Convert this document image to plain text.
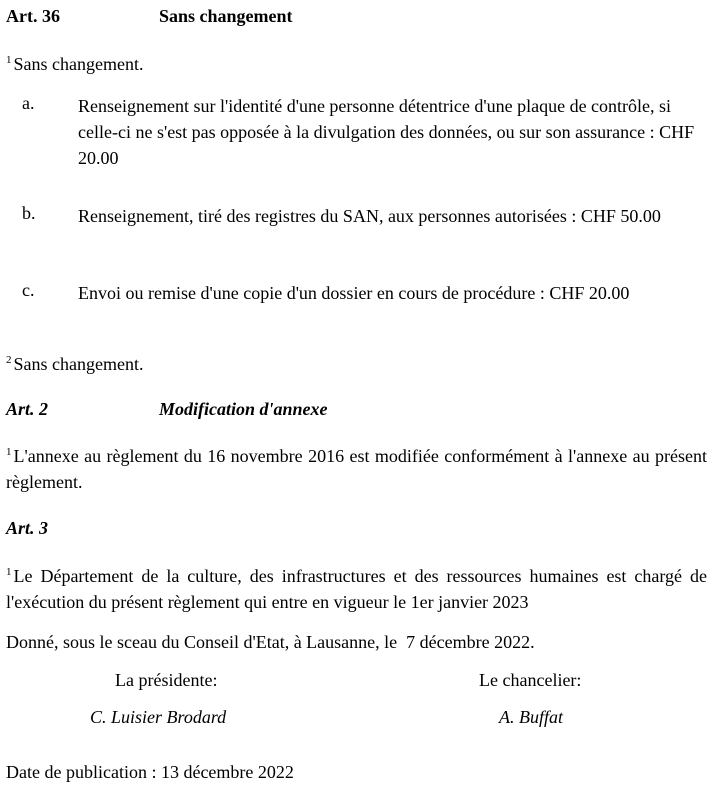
Art. 36	Sans changement
$^1$ Sans changement.
a. Renseignement sur l'identité d'une personne détentrice d'une plaque de contrôle, si celle-ci ne s'est pas opposée à la divulgation des données, ou sur son assurance : CHF 20.00
b. Renseignement, tiré des registres du SAN, aux personnes autorisées : CHF 50.00
c. Envoi ou remise d'une copie d'un dossier en cours de procédure : CHF 20.00
$^2$ Sans changement.
Art. 2	Modification d'annexe
$^1$ L'annexe au règlement du 16 novembre 2016 est modifiée conformément à l'annexe au présent règlement.
Art. 3
$^1$ Le Département de la culture, des infrastructures et des ressources humaines est chargé de l'exécution du présent règlement qui entre en vigueur le 1er janvier 2023
Donné, sous le sceau du Conseil d'Etat, à Lausanne, le  7 décembre 2022.
La présidente:	Le chancelier:
C. Luisier Brodard	A. Buffat
Date de publication : 13 décembre 2022
